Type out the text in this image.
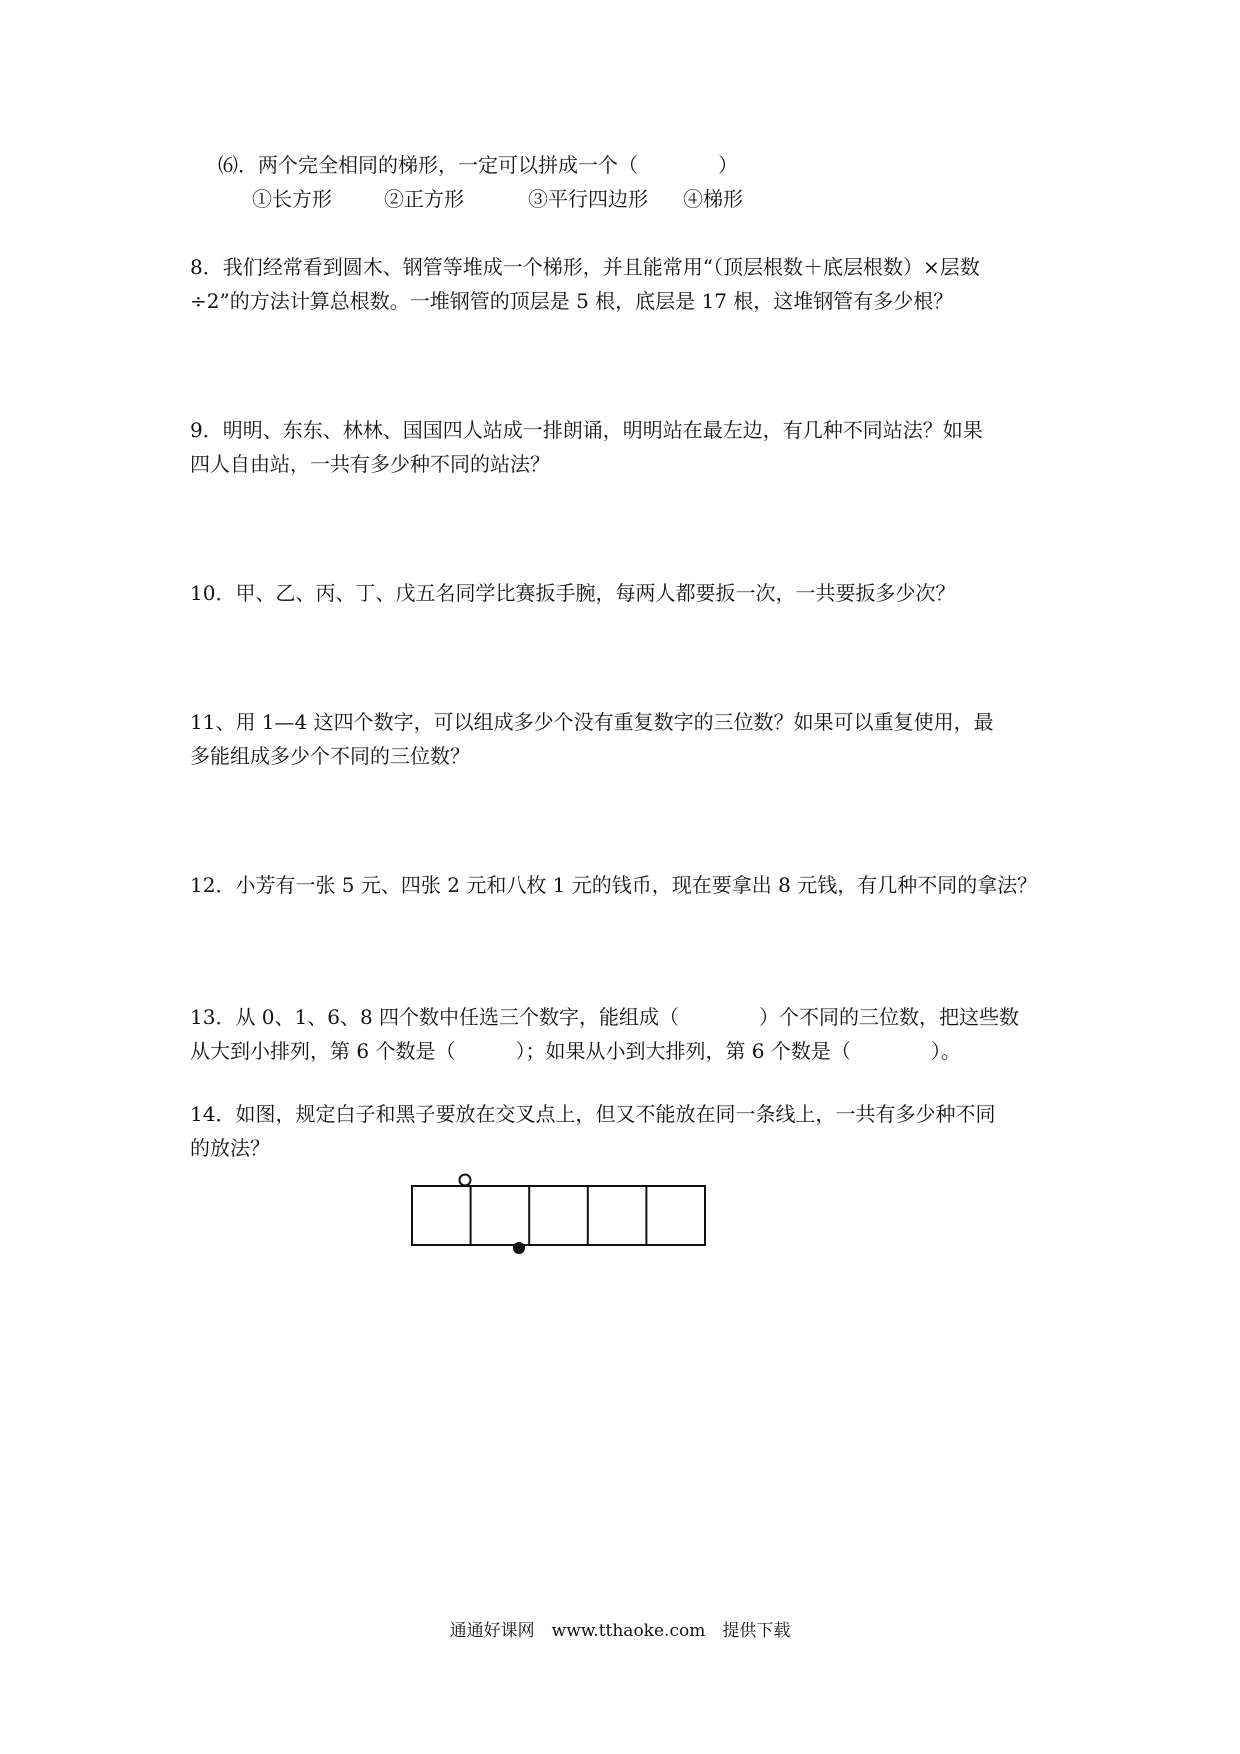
⑹．两个完全相同的梯形，一定可以拼成一个（　　　　）
①长方形	②正方形	③平行四边形 ④梯形
8．我们经常看到圆木、钢管等堆成一个梯形，并且能常用“（顶层根数＋底层根数）×层数
÷2”的方法计算总根数。一堆钢管的顶层是 5 根，底层是 17 根，这堆钢管有多少根？
9．明明、东东、林林、国国四人站成一排朗诵，明明站在最左边，有几种不同站法？如果
四人自由站，一共有多少种不同的站法？
10．甲、乙、丙、丁、戊五名同学比赛扳手腕，每两人都要扳一次，一共要扳多少次？
11、用 1—4 这四个数字，可以组成多少个没有重复数字的三位数？如果可以重复使用，最
多能组成多少个不同的三位数？
12．小芳有一张 5 元、四张 2 元和八枚 1 元的钱币，现在要拿出 8 元钱，有几种不同的拿法？
13．从 0、1、6、8 四个数中任选三个数字，能组成（　　　　）个不同的三位数，把这些数
从大到小排列，第 6 个数是（　　　）；如果从小到大排列，第 6 个数是（　　　　）。
14．如图，规定白子和黑子要放在交叉点上，但又不能放在同一条线上，一共有多少种不同
的放法？
通通好课网　www.tthaoke.com　提供下载
